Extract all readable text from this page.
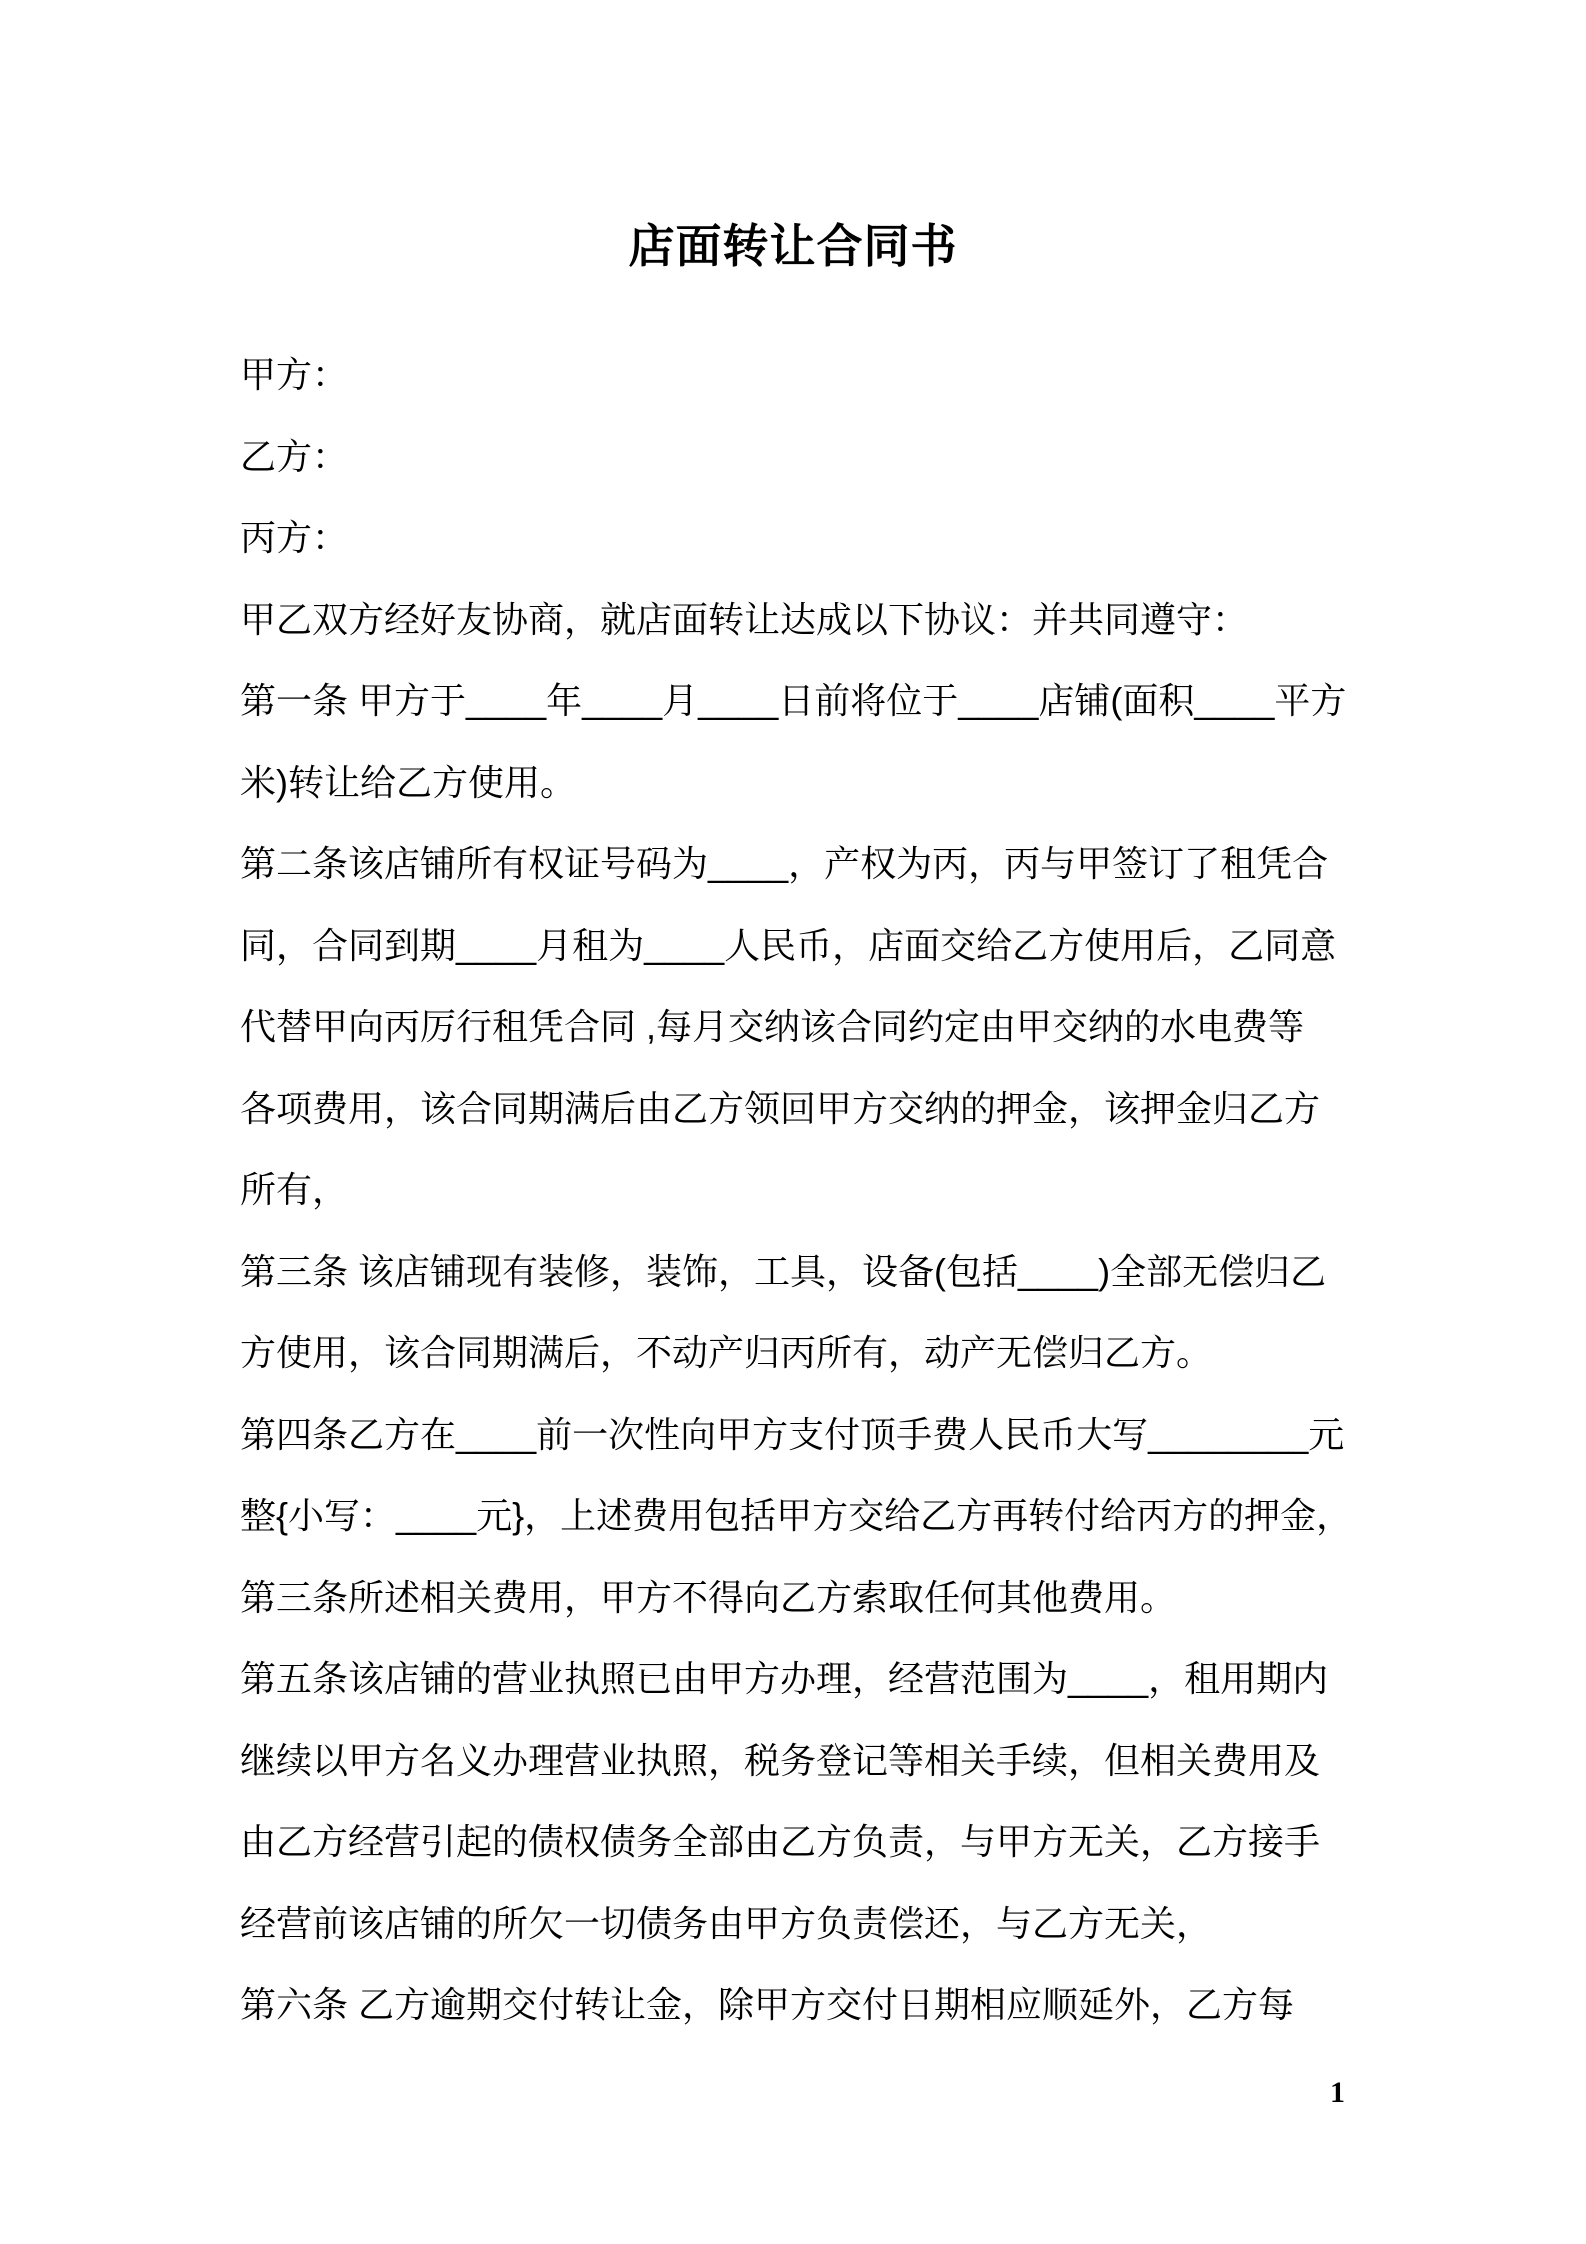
店面转让合同书
甲方：
乙方：
丙方：
甲乙双方经好友协商，就店面转让达成以下协议：并共同遵守：
第一条 甲方于____年____月____日前将位于____店铺(面积____平方
米)转让给乙方使用。
第二条该店铺所有权证号码为____，产权为丙，丙与甲签订了租凭合
同，合同到期____月租为____人民币，店面交给乙方使用后，乙同意
代替甲向丙厉行租凭合同 ,每月交纳该合同约定由甲交纳的水电费等
各项费用，该合同期满后由乙方领回甲方交纳的押金，该押金归乙方
所有，
第三条 该店铺现有装修，装饰，工具，设备(包括____)全部无偿归乙
方使用，该合同期满后，不动产归丙所有，动产无偿归乙方。
第四条乙方在____前一次性向甲方支付顶手费人民币大写________元
整{小写：____元}，上述费用包括甲方交给乙方再转付给丙方的押金，
第三条所述相关费用，甲方不得向乙方索取任何其他费用。
第五条该店铺的营业执照已由甲方办理，经营范围为____，租用期内
继续以甲方名义办理营业执照，税务登记等相关手续，但相关费用及
由乙方经营引起的债权债务全部由乙方负责，与甲方无关，乙方接手
经营前该店铺的所欠一切债务由甲方负责偿还，与乙方无关，
第六条 乙方逾期交付转让金，除甲方交付日期相应顺延外，乙方每
1
